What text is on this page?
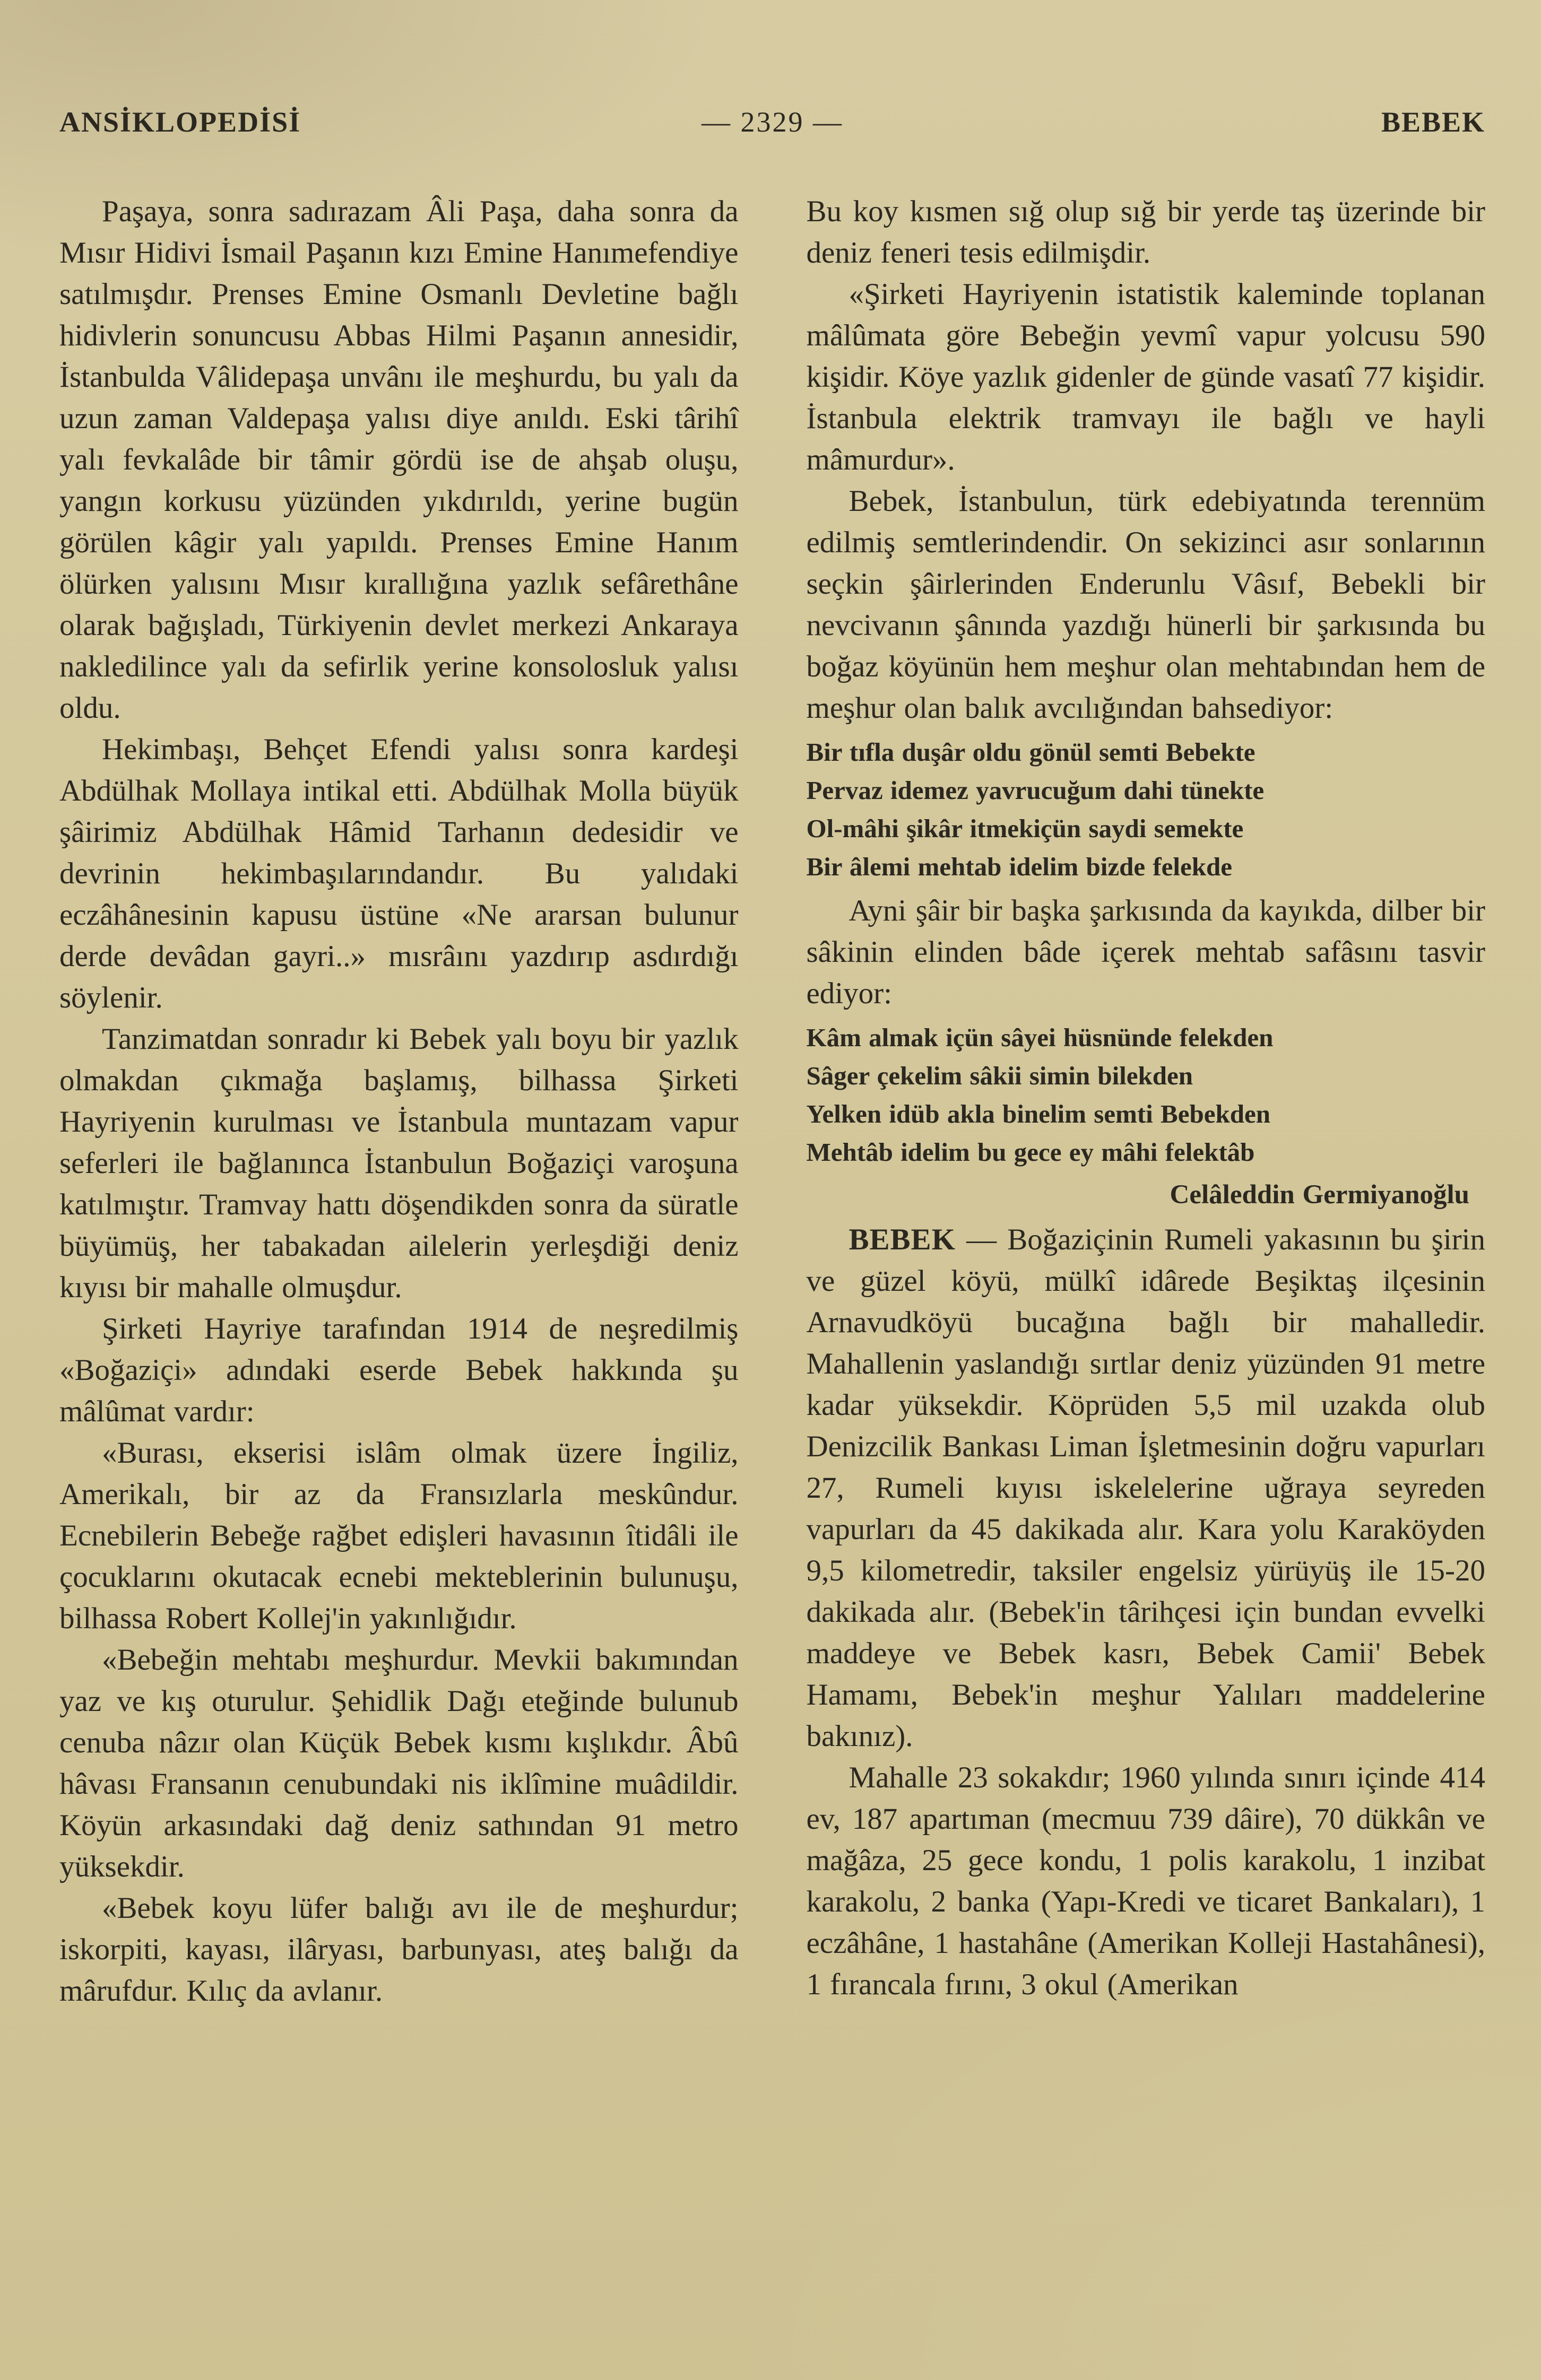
ANSİKLOPEDİSİ	— 2329 —	BEBEK

Paşaya, sonra sadırazam Âli Paşa, daha sonra da Mısır Hidivi İsmail Paşanın kızı Emine Hanımefendiye satılmışdır. Prenses Emine Osmanlı Devletine bağlı hidivlerin sonuncusu Abbas Hilmi Paşanın annesidir, İstanbulda Vâlidepaşa unvânı ile meşhurdu, bu yalı da uzun zaman Valdepaşa yalısı diye anıldı. Eski târihî yalı fevkalâde bir tâmir gördü ise de ahşab oluşu, yangın korkusu yüzünden yıkdırıldı, yerine bugün görülen kâgir yalı yapıldı. Prenses Emine Hanım ölürken yalısını Mısır kırallığına yazlık sefârethâne olarak bağışladı, Türkiyenin devlet merkezi Ankaraya nakledilince yalı da sefirlik yerine konsolosluk yalısı oldu.

Hekimbaşı, Behçet Efendi yalısı sonra kardeşi Abdülhak Mollaya intikal etti. Abdülhak Molla büyük şâirimiz Abdülhak Hâmid Tarhanın dedesidir ve devrinin hekimbaşılarındandır. Bu yalıdaki eczâhânesinin kapusu üstüne «Ne ararsan bulunur derde devâdan gayri..» mısrâını yazdırıp asdırdığı söylenir.

Tanzimatdan sonradır ki Bebek yalı boyu bir yazlık olmakdan çıkmağa başlamış, bilhassa Şirketi Hayriyenin kurulması ve İstanbula muntazam vapur seferleri ile bağlanınca İstanbulun Boğaziçi varoşuna katılmıştır. Tramvay hattı döşendikden sonra da süratle büyümüş, her tabakadan ailelerin yerleşdiği deniz kıyısı bir mahalle olmuşdur.

Şirketi Hayriye tarafından 1914 de neşredilmiş «Boğaziçi» adındaki eserde Bebek hakkında şu mâlûmat vardır:

«Burası, ekserisi islâm olmak üzere İngiliz, Amerikalı, bir az da Fransızlarla meskûndur. Ecnebilerin Bebeğe rağbet edişleri havasının îtidâli ile çocuklarını okutacak ecnebi mekteblerinin bulunuşu, bilhassa Robert Kollej'in yakınlığıdır.

«Bebeğin mehtabı meşhurdur. Mevkii bakımından yaz ve kış oturulur. Şehidlik Dağı eteğinde bulunub cenuba nâzır olan Küçük Bebek kısmı kışlıkdır. Âbû hâvası Fransanın cenubundaki nis iklîmine muâdildir. Köyün arkasındaki dağ deniz sathından 91 metro yüksekdir.

«Bebek koyu lüfer balığı avı ile de meşhurdur; iskorpiti, kayası, ilâryası, barbunyası, ateş balığı da mârufdur. Kılıç da avlanır.

Bu koy kısmen sığ olup sığ bir yerde taş üzerinde bir deniz feneri tesis edilmişdir.

«Şirketi Hayriyenin istatistik kaleminde toplanan mâlûmata göre Bebeğin yevmî vapur yolcusu 590 kişidir. Köye yazlık gidenler de günde vasatî 77 kişidir. İstanbula elektrik tramvayı ile bağlı ve hayli mâmurdur».

Bebek, İstanbulun, türk edebiyatında terennüm edilmiş semtlerindendir. On sekizinci asır sonlarının seçkin şâirlerinden Enderunlu Vâsıf, Bebekli bir nevcivanın şânında yazdığı hünerli bir şarkısında bu boğaz köyünün hem meşhur olan mehtabından hem de meşhur olan balık avcılığından bahsediyor:

Bir tıfla duşâr oldu gönül semti Bebekte
Pervaz idemez yavrucuğum dahi tünekte
Ol-mâhi şikâr itmekiçün saydi semekte
Bir âlemi mehtab idelim bizde felekde

Ayni şâir bir başka şarkısında da kayıkda, dilber bir sâkinin elinden bâde içerek mehtab safâsını tasvir ediyor:

Kâm almak içün sâyei hüsnünde felekden
Sâger çekelim sâkii simin bilekden
Yelken idüb akla binelim semti Bebekden
Mehtâb idelim bu gece ey mâhi felektâb
Celâleddin Germiyanoğlu

BEBEK — Boğaziçinin Rumeli yakasının bu şirin ve güzel köyü, mülkî idârede Beşiktaş ilçesinin Arnavudköyü bucağına bağlı bir mahalledir. Mahallenin yaslandığı sırtlar deniz yüzünden 91 metre kadar yüksekdir. Köprüden 5,5 mil uzakda olub Denizcilik Bankası Liman İşletmesinin doğru vapurları 27, Rumeli kıyısı iskelelerine uğraya seyreden vapurları da 45 dakikada alır. Kara yolu Karaköyden 9,5 kilometredir, taksiler engelsiz yürüyüş ile 15-20 dakikada alır. (Bebek'in târihçesi için bundan evvelki maddeye ve Bebek kasrı, Bebek Camii' Bebek Hamamı, Bebek'in meşhur Yalıları maddelerine bakınız).

Mahalle 23 sokakdır; 1960 yılında sınırı içinde 414 ev, 187 apartıman (mecmuu 739 dâire), 70 dükkân ve mağâza, 25 gece kondu, 1 polis karakolu, 1 inzibat karakolu, 2 banka (Yapı-Kredi ve ticaret Bankaları), 1 eczâhâne, 1 hastahâne (Amerikan Kolleji Hastahânesi), 1 fırancala fırını, 3 okul (Amerikan
